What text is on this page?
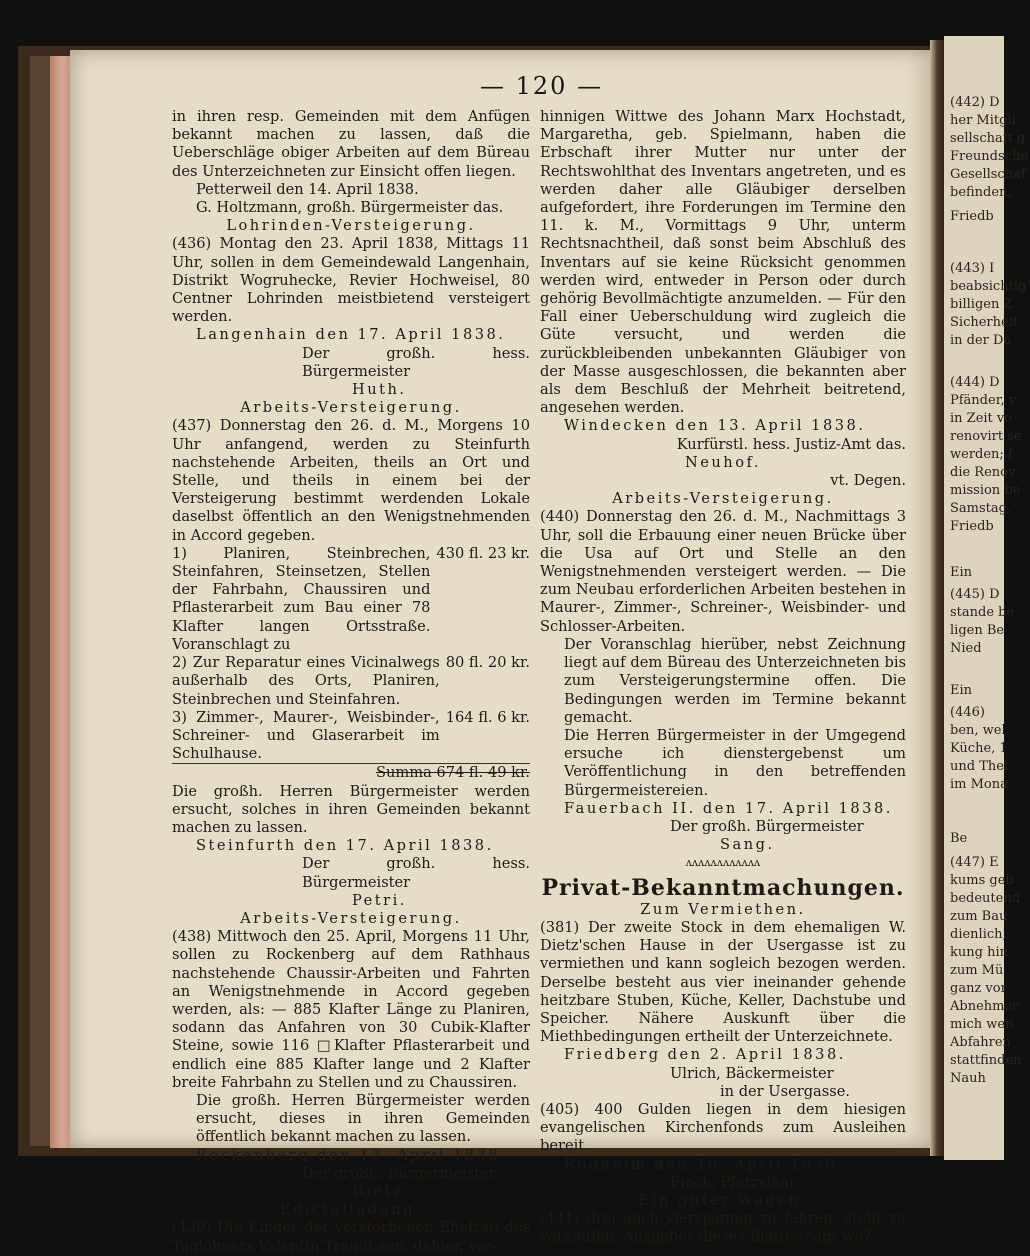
(442) D
her Mitgli
sellschaft g
Freundsche
Gesellschaf
befinden,
Friedb
(443) I
beabsichtig
billigen Z
Sicherheit
in der Da
(444) D
Pfänder, v
in Zeit vo
renovirt se
werden; f
die Renov
mission be
Samstag,
Friedb
Ein
(445) D
stande be
ligen Be
Nied
Ein
(446)
ben, wel
Küche, 1
und Thei
im Mona
Be
(447) E
kums geb
bedeutend
zum Bau
dienlich,
kung hin
zum Mü
ganz vor
Abnehmer
mich wen
Abfahren
stattfinden
Nauh
— 120 —

in ihren resp. Gemeinden mit dem Anfügen bekannt machen zu lassen, daß die Ueberschläge obiger Arbeiten auf dem Büreau des Unterzeichneten zur Einsicht offen liegen.

Petterweil den 14. April 1838.

G. Holtzmann, großh. Bürgermeister das.

Lohrinden-Versteigerung.

(436) Montag den 23. April 1838, Mittags 11 Uhr, sollen in dem Gemeindewald Langenhain, Distrikt Wogruhecke, Revier Hochweisel, 80 Centner Lohrinden meistbietend versteigert werden.

Langenhain den 17. April 1838.

Der großh. hess. Bürgermeister

Huth.

Arbeits-Versteigerung.

(437) Donnerstag den 26. d. M., Morgens 10 Uhr anfangend, werden zu Steinfurth nachstehende Arbeiten, theils an Ort und Stelle, und theils in einem bei der Versteigerung bestimmt werdenden Lokale daselbst öffentlich an den Wenigstnehmenden in Accord gegeben.

1) Planiren, Steinbrechen, Steinfahren, Steinsetzen, Stellen der Fahrbahn, Chaussiren und Pflasterarbeit zum Bau einer 78 Klafter langen Ortsstraße. Voranschlagt zu
430 fl. 23 kr.

2) Zur Reparatur eines Vicinalwegs außerhalb des Orts, Planiren, Steinbrechen und Steinfahren.
80 fl. 20 kr.

3) Zimmer-, Maurer-, Weisbinder-, Schreiner- und Glaserarbeit im Schulhause.
164 fl. 6 kr.

Summa 674 fl. 49 kr.

Die großh. Herren Bürgermeister werden ersucht, solches in ihren Gemeinden bekannt machen zu lassen.

Steinfurth den 17. April 1838.

Der großh. hess. Bürgermeister

Petri.

Arbeits-Versteigerung.

(438) Mittwoch den 25. April, Morgens 11 Uhr, sollen zu Rockenberg auf dem Rathhaus nachstehende Chaussir-Arbeiten und Fahrten an Wenigstnehmende in Accord gegeben werden, als: — 885 Klafter Länge zu Planiren, sodann das Anfahren von 30 Cubik-Klafter Steine, sowie 116 □Klafter Pflasterarbeit und endlich eine 885 Klafter lange und 2 Klafter breite Fahrbahn zu Stellen und zu Chaussiren.

Die großh. Herren Bürgermeister werden ersucht, dieses in ihren Gemeinden öffentlich bekannt machen zu lassen.

Rockenberg den 13. April 1838.

Der großh. Bürgermeister

Dietz.

Edictalladung.

(439) Die Kinder der verstorbenen Ehefrau des Taglöhners Valentin Treudt sen. dahier, vor-

hinnigen Wittwe des Johann Marx Hochstadt, Margaretha, geb. Spielmann, haben die Erbschaft ihrer Mutter nur unter der Rechtswohlthat des Inventars angetreten, und es werden daher alle Gläubiger derselben aufgefordert, ihre Forderungen im Termine den 11. k. M., Vormittags 9 Uhr, unterm Rechtsnachtheil, daß sonst beim Abschluß des Inventars auf sie keine Rücksicht genommen werden wird, entweder in Person oder durch gehörig Bevollmächtigte anzumelden. — Für den Fall einer Ueberschuldung wird zugleich die Güte versucht, und werden die zurückbleibenden unbekannten Gläubiger von der Masse ausgeschlossen, die bekannten aber als dem Beschluß der Mehrheit beitretend, angesehen werden.

Windecken den 13. April 1838.

Kurfürstl. hess. Justiz-Amt das.

Neuhof.

vt. Degen.

Arbeits-Versteigerung.

(440) Donnerstag den 26. d. M., Nachmittags 3 Uhr, soll die Erbauung einer neuen Brücke über die Usa auf Ort und Stelle an den Wenigstnehmenden versteigert werden. — Die zum Neubau erforderlichen Arbeiten bestehen in Maurer-, Zimmer-, Schreiner-, Weisbinder- und Schlosser-Arbeiten.

Der Voranschlag hierüber, nebst Zeichnung liegt auf dem Büreau des Unterzeichneten bis zum Versteigerungstermine offen. Die Bedingungen werden im Termine bekannt gemacht.

Die Herren Bürgermeister in der Umgegend ersuche ich dienstergebenst um Veröffentlichung in den betreffenden Bürgermeistereien.

Fauerbach II. den 17. April 1838.

Der großh. Bürgermeister

Sang.

ʌʌʌʌʌʌʌʌʌʌʌʌ

Privat-Bekanntmachungen.

Zum Vermiethen.

(381) Der zweite Stock in dem ehemaligen W. Dietz'schen Hause in der Usergasse ist zu vermiethen und kann sogleich bezogen werden. Derselbe besteht aus vier ineinander gehende heitzbare Stuben, Küche, Keller, Dachstube und Speicher. Nähere Auskunft über die Miethbedingungen ertheilt der Unterzeichnete.

Friedberg den 2. April 1838.

Ulrich, Bäckermeister

in der Usergasse.

(405) 400 Gulden liegen in dem hiesigen evangelischen Kirchenfonds zum Ausleihen bereit.

Rodheim den 10. April 1838.

Finck, Pfarrvikar.

Ein guter Wagen,

(441) drei auch vierspännig zu fahren, steht zu verkaufen. Ausgeber dieses Blattes sagt wo?
